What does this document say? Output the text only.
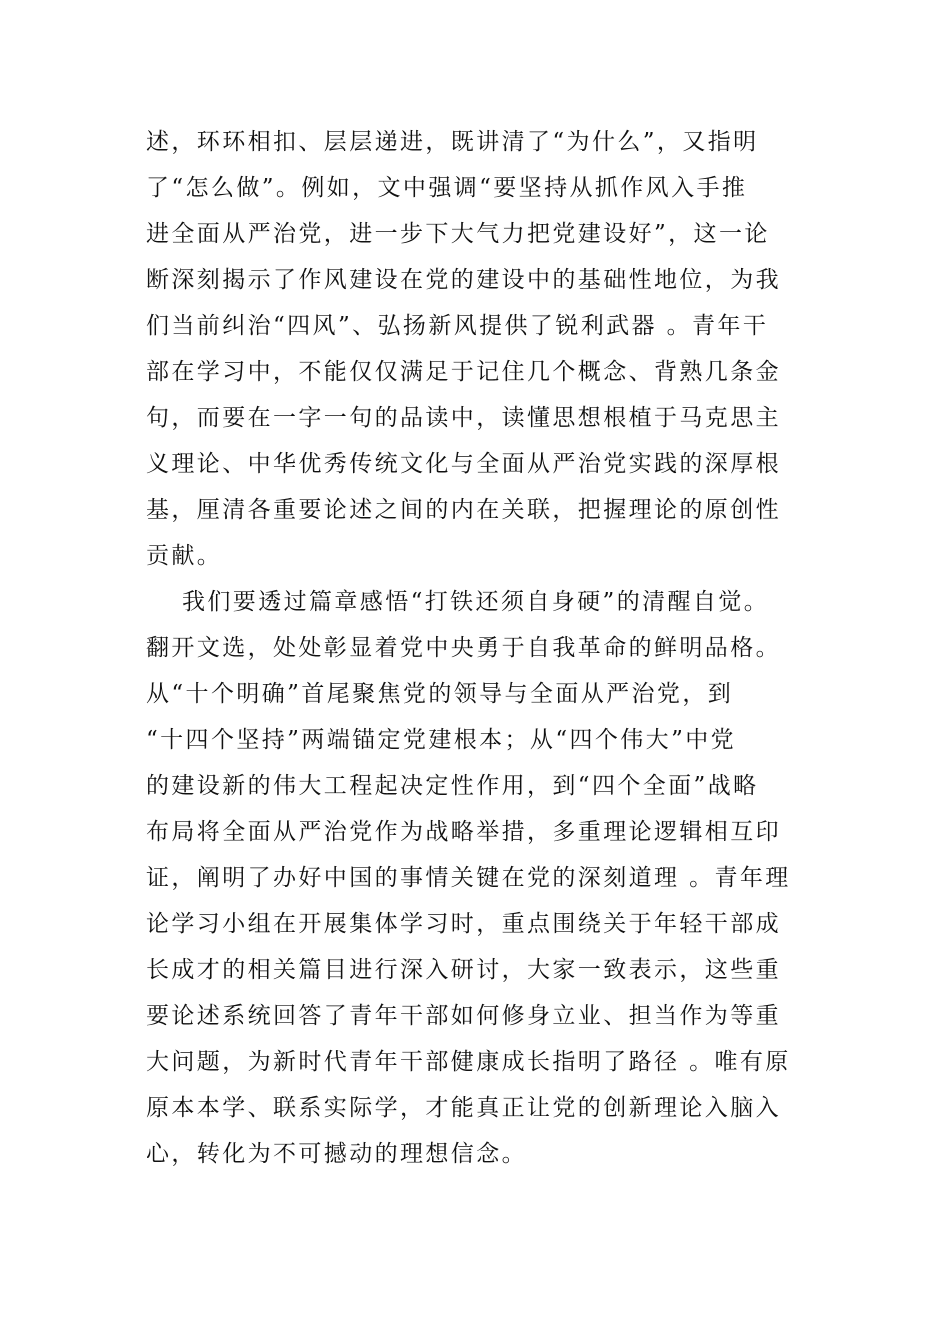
述，环环相扣、层层递进，既讲清了“为什么”，又指明
了“怎么做”。例如，文中强调“要坚持从抓作风入手推
进全面从严治党，进一步下大气力把党建设好”，这一论
断深刻揭示了作风建设在党的建设中的基础性地位，为我
们当前纠治“四风”、弘扬新风提供了锐利武器 。青年干
部在学习中，不能仅仅满足于记住几个概念、背熟几条金
句，而要在一字一句的品读中，读懂思想根植于马克思主
义理论、中华优秀传统文化与全面从严治党实践的深厚根
基，厘清各重要论述之间的内在关联，把握理论的原创性
贡献。
我们要透过篇章感悟“打铁还须自身硬”的清醒自觉。
翻开文选，处处彰显着党中央勇于自我革命的鲜明品格。
从“十个明确”首尾聚焦党的领导与全面从严治党，到
“十四个坚持”两端锚定党建根本；从“四个伟大”中党
的建设新的伟大工程起决定性作用，到“四个全面”战略
布局将全面从严治党作为战略举措，多重理论逻辑相互印
证，阐明了办好中国的事情关键在党的深刻道理 。青年理
论学习小组在开展集体学习时，重点围绕关于年轻干部成
长成才的相关篇目进行深入研讨，大家一致表示，这些重
要论述系统回答了青年干部如何修身立业、担当作为等重
大问题，为新时代青年干部健康成长指明了路径 。唯有原
原本本学、联系实际学，才能真正让党的创新理论入脑入
心，转化为不可撼动的理想信念。
